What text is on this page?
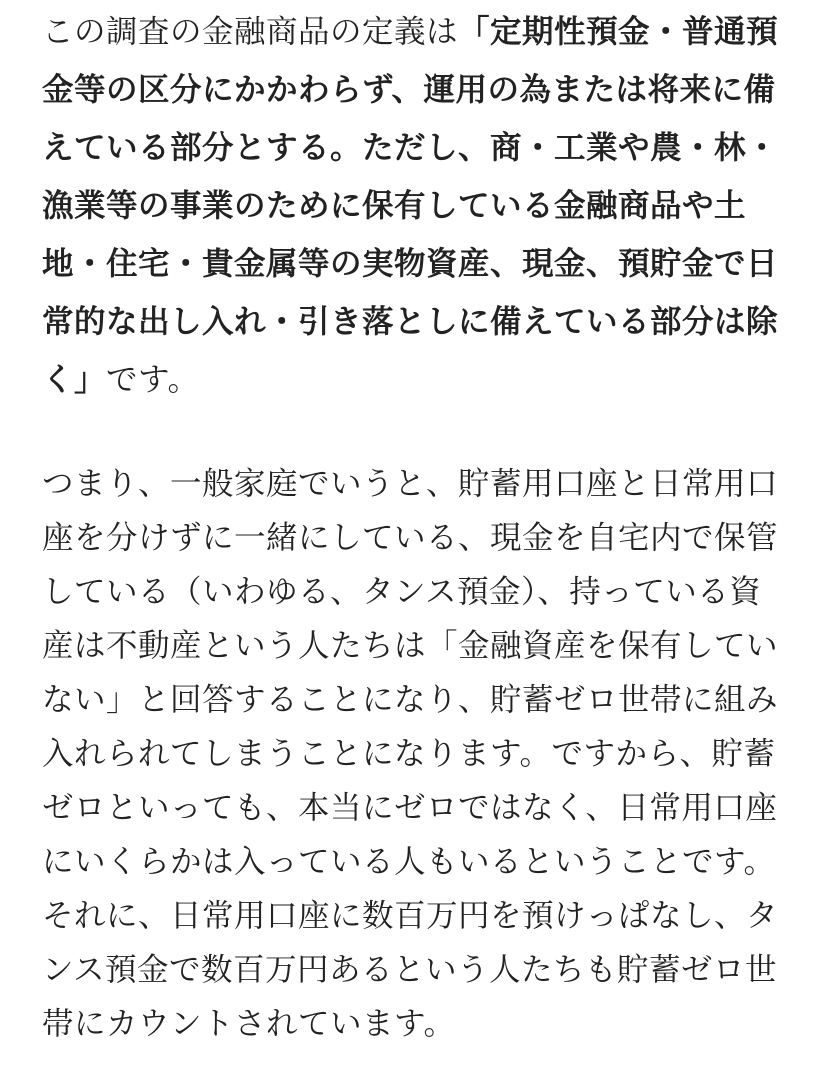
この調査の金融商品の定義は「定期性預金・普通預
金等の区分にかかわらず、運用の為または将来に備
えている部分とする。ただし、商・工業や農・林・
漁業等の事業のために保有している金融商品や土
地・住宅・貴金属等の実物資産、現金、預貯金で日
常的な出し入れ・引き落としに備えている部分は除
く」です。
つまり、一般家庭でいうと、貯蓄用口座と日常用口
座を分けずに一緒にしている、現金を自宅内で保管
している（いわゆる、タンス預金）、持っている資
産は不動産という人たちは「金融資産を保有してい
ない」と回答することになり、貯蓄ゼロ世帯に組み
入れられてしまうことになります。ですから、貯蓄
ゼロといっても、本当にゼロではなく、日常用口座
にいくらかは入っている人もいるということです。
それに、日常用口座に数百万円を預けっぱなし、タ
ンス預金で数百万円あるという人たちも貯蓄ゼロ世
帯にカウントされています。
